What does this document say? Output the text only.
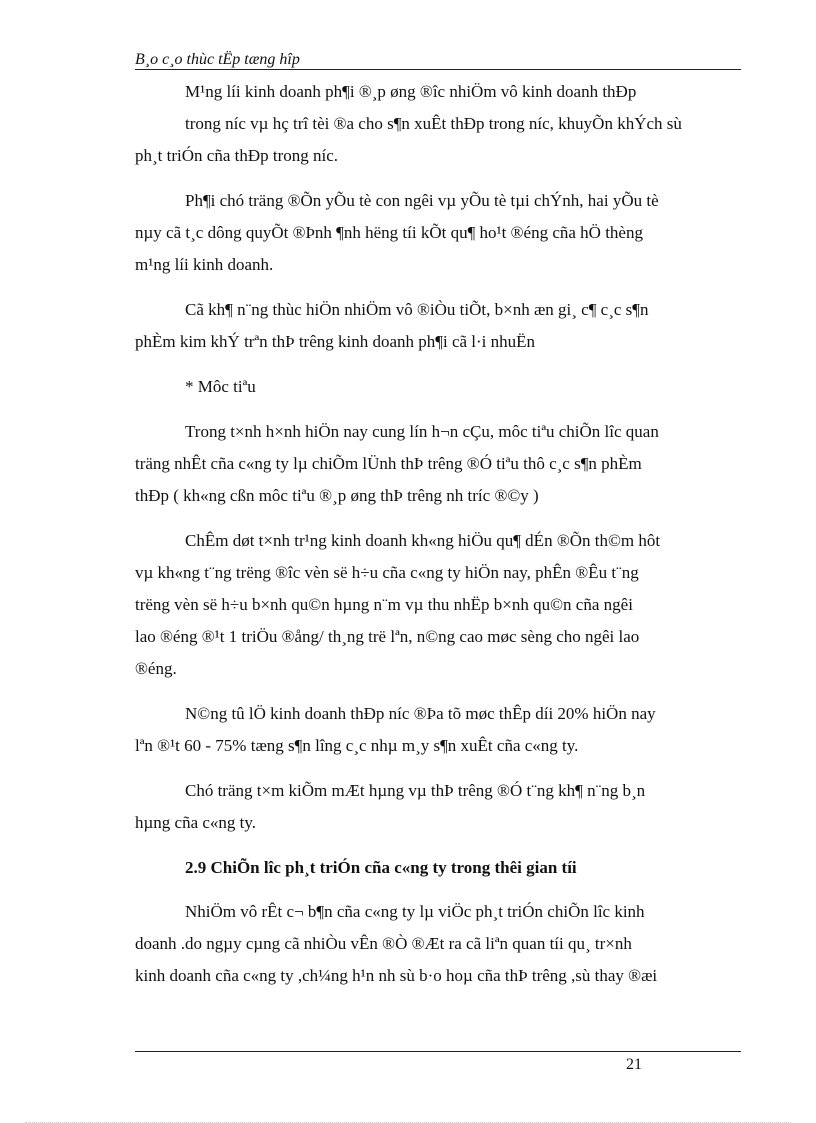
B¸o c¸o thùc tËp tæng hîp
M¹ng líi kinh doanh ph¶i ®¸p øng ®îc nhiÖm vô kinh doanh thÐp
trong níc vµ hç trî tèi ®a cho s¶n xuÊt thÐp trong níc, khuyÕn khÝch sù
ph¸t triÓn cña thÐp trong níc.
Ph¶i chó träng ®Õn yÕu tè con ngêi vµ yÕu tè tµi chÝnh, hai yÕu tè
nµy cã t¸c dông quyÕt ®Þnh ¶nh hëng tíi kÕt qu¶ ho¹t ®éng cña hÖ thèng
m¹ng líi kinh doanh.
Cã kh¶ n¨ng thùc hiÖn nhiÖm vô ®iÒu tiÕt, b×nh æn gi¸ c¶ c¸c s¶n
phÈm kim khÝ trªn thÞ trêng kinh doanh ph¶i cã l·i nhuËn
* Môc tiªu
Trong t×nh h×nh hiÖn nay cung lín h¬n cÇu, môc tiªu chiÕn lîc quan
träng nhÊt cña c«ng ty lµ chiÕm lÜnh thÞ trêng ®Ó tiªu thô c¸c s¶n phÈm
thÐp ( kh«ng cßn môc tiªu ®¸p øng thÞ trêng nh tríc ®©y )
ChÊm døt t×nh tr¹ng kinh doanh kh«ng hiÖu qu¶ dÉn ®Õn th©m hôt
vµ kh«ng t¨ng trëng ®îc vèn së h÷u cña c«ng ty hiÖn nay, phÊn ®Êu t¨ng
trëng vèn së h÷u b×nh qu©n hµng n¨m vµ thu nhËp b×nh qu©n cña ngêi
lao ®éng ®¹t 1 triÖu ®ång/ th¸ng trë lªn, n©ng cao møc sèng cho ngêi lao
®éng.
N©ng tû lÖ kinh doanh thÐp níc ®Þa tõ møc thÊp díi 20% hiÖn nay
lªn ®¹t 60 - 75% tæng s¶n lîng c¸c nhµ m¸y s¶n xuÊt cña c«ng ty.
Chó träng t×m kiÕm mÆt hµng vµ thÞ trêng ®Ó t¨ng kh¶ n¨ng b¸n
hµng cña c«ng ty.
2.9 ChiÕn lîc ph¸t triÓn cña c«ng ty trong thêi gian tíi
NhiÖm vô rÊt c¬ b¶n cña c«ng ty lµ viÖc ph¸t triÓn chiÕn lîc kinh
doanh .do ngµy cµng cã nhiÒu vÊn ®Ò ®Æt ra cã liªn quan tíi qu¸ tr×nh
kinh doanh cña c«ng ty ,ch¼ng h¹n nh sù b·o hoµ cña thÞ trêng ,sù thay ®æi
21
